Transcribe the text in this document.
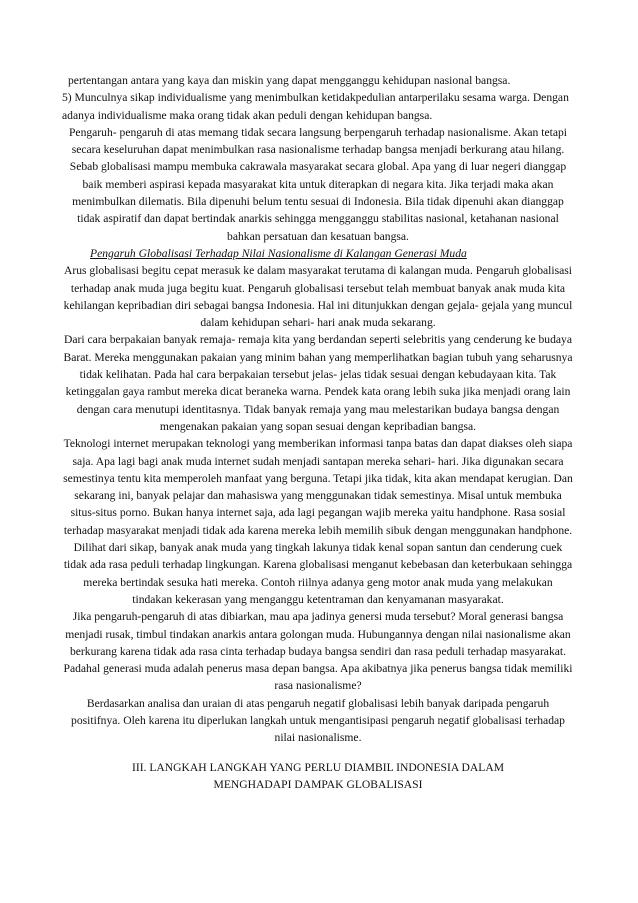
pertentangan antara yang kaya dan miskin yang dapat mengganggu kehidupan nasional bangsa.

5) Munculnya sikap individualisme yang menimbulkan ketidakpedulian antarperilaku sesama warga. Dengan adanya individualisme maka orang tidak akan peduli dengan kehidupan bangsa.

Pengaruh- pengaruh di atas memang tidak secara langsung berpengaruh terhadap nasionalisme. Akan tetapi secara keseluruhan dapat menimbulkan rasa nasionalisme terhadap bangsa menjadi berkurang atau hilang. Sebab globalisasi mampu membuka cakrawala masyarakat secara global. Apa yang di luar negeri dianggap baik memberi aspirasi kepada masyarakat kita untuk diterapkan di negara kita. Jika terjadi maka akan menimbulkan dilematis. Bila dipenuhi belum tentu sesuai di Indonesia. Bila tidak dipenuhi akan dianggap tidak aspiratif dan dapat bertindak anarkis sehingga mengganggu stabilitas nasional, ketahanan nasional bahkan persatuan dan kesatuan bangsa.

Pengaruh Globalisasi Terhadap Nilai Nasionalisme di Kalangan Generasi Muda

Arus globalisasi begitu cepat merasuk ke dalam masyarakat terutama di kalangan muda. Pengaruh globalisasi terhadap anak muda juga begitu kuat. Pengaruh globalisasi tersebut telah membuat banyak anak muda kita kehilangan kepribadian diri sebagai bangsa Indonesia. Hal ini ditunjukkan dengan gejala- gejala yang muncul dalam kehidupan sehari- hari anak muda sekarang.

Dari cara berpakaian banyak remaja- remaja kita yang berdandan seperti selebritis yang cenderung ke budaya Barat. Mereka menggunakan pakaian yang minim bahan yang memperlihatkan bagian tubuh yang seharusnya tidak kelihatan. Pada hal cara berpakaian tersebut jelas- jelas tidak sesuai dengan kebudayaan kita. Tak ketinggalan gaya rambut mereka dicat beraneka warna. Pendek kata orang lebih suka jika menjadi orang lain dengan cara menutupi identitasnya. Tidak banyak remaja yang mau melestarikan budaya bangsa dengan mengenakan pakaian yang sopan sesuai dengan kepribadian bangsa.

Teknologi internet merupakan teknologi yang memberikan informasi tanpa batas dan dapat diakses oleh siapa saja. Apa lagi bagi anak muda internet sudah menjadi santapan mereka sehari- hari. Jika digunakan secara semestinya tentu kita memperoleh manfaat yang berguna. Tetapi jika tidak, kita akan mendapat kerugian. Dan sekarang ini, banyak pelajar dan mahasiswa yang menggunakan tidak semestinya. Misal untuk membuka situs-situs porno. Bukan hanya internet saja, ada lagi pegangan wajib mereka yaitu handphone. Rasa sosial terhadap masyarakat menjadi tidak ada karena mereka lebih memilih sibuk dengan menggunakan handphone.

Dilihat dari sikap, banyak anak muda yang tingkah lakunya tidak kenal sopan santun dan cenderung cuek tidak ada rasa peduli terhadap lingkungan. Karena globalisasi menganut kebebasan dan keterbukaan sehingga mereka bertindak sesuka hati mereka. Contoh riilnya adanya geng motor anak muda yang melakukan tindakan kekerasan yang menganggu ketentraman dan kenyamanan masyarakat.

Jika pengaruh-pengaruh di atas dibiarkan, mau apa jadinya genersi muda tersebut? Moral generasi bangsa menjadi rusak, timbul tindakan anarkis antara golongan muda. Hubungannya dengan nilai nasionalisme akan berkurang karena tidak ada rasa cinta terhadap budaya bangsa sendiri dan rasa peduli terhadap masyarakat. Padahal generasi muda adalah penerus masa depan bangsa. Apa akibatnya jika penerus bangsa tidak memiliki rasa nasionalisme?

Berdasarkan analisa dan uraian di atas pengaruh negatif globalisasi lebih banyak daripada pengaruh positifnya. Oleh karena itu diperlukan langkah untuk mengantisipasi pengaruh negatif globalisasi terhadap nilai nasionalisme.

III. LANGKAH LANGKAH YANG PERLU DIAMBIL INDONESIA DALAM MENGHADAPI DAMPAK GLOBALISASI
